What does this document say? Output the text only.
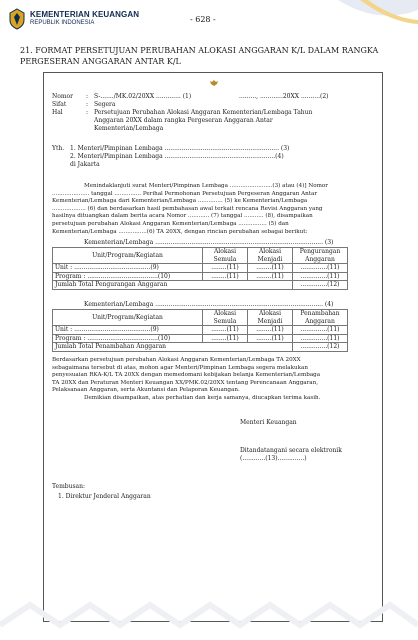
KEMENTERIAN KEUANGAN
REPUBLIK INDONESIA	- 628 -
21. FORMAT PERSETUJUAN PERUBAHAN ALOKASI ANGGARAN K/L DALAM RANGKA PERGESERAN ANGGARAN ANTAR K/L
Nomor : S-......./MK.02/20XX ............. (1)	........., ............20XX ..........(2)
Sifat	: Segera
Hal	: Persetujuan Perubahan Alokasi Anggaran Kementerian/Lembaga Tahun
Anggaran 20XX dalam rangka Pergeseran Anggaran Antar
Kementerian/Lembaga
Yth. 1. Menteri/Pimpinan Lembaga ............................................................ (3)
2. Menteri/Pimpinan Lembaga ..........................................................(4)
di Jakarta
Menindaklanjuti surat Menteri/Pimpinan Lembaga ........................(3) atau (4)] Nomor
..................... tanggal ............... Perihal Permohonan Persetujuan Pergeseran Anggaran Antar
Kementerian/Lembaga dari Kementerian/Lembaga .............. (5) ke Kementerian/Lembaga
................... (6) dan berdasarkan hasil pembahasan awal terkait rencana Revisi Anggaran yang
hasilnya dituangkan dalam berita acara Nomor ............ (7) tanggal ........... (8), disampaikan
persetujuan perubahan Alokasi Anggaran Kementerian/Lembaga ................ (5) dan
Kementerian/Lembaga ................(6) TA 20XX, dengan rincian perubahan sebagai berikut:
Kementerian/Lembaga ........................................................................................ (3)
Unit/Program/Kegiatan	Alokasi	Alokasi	Pengurangan
	Semula	Menjadi	Anggaran
Unit : ........................................(9)	........(11)	........(11)	..............(11)
Program : .....................................(10)	........(11)	........(11)	..............(11)
Jumlah Total Pengurangan Anggaran			..............(12)
Kementerian/Lembaga ........................................................................................ (4)
Unit/Program/Kegiatan	Alokasi	Alokasi	Penambahan
	Semula	Menjadi	Anggaran
Unit : ........................................(9)	........(11)	........(11)	..............(11)
Program : .....................................(10)	........(11)	........(11)	..............(11)
Jumlah Total Penambahan Anggaran			..............(12)
Berdasarkan persetujuan perubahan Alokasi Anggaran Kementerian/Lembaga TA 20XX
sebagaimana tersebut di atas, mohon agar Menteri/Pimpinan Lembaga segera melakukan
penyesuaian RKA-K/L TA 20XX dengan memedomani kebijakan belanja Kementerian/Lembaga
TA 20XX dan Peraturan Menteri Keuangan XX/PMK.02/20XX tentang Perencanaan Anggaran,
Pelaksanaan Anggaran, serta Akuntansi dan Pelaporan Keuangan.
Demikian disampaikan, atas perhatian dan kerja samanya, diucapkan terima kasih.
Menteri Keuangan
Ditandatangani secara elektronik
(............(13)..............)
Tembusan:
1. Direktur Jenderal Anggaran
